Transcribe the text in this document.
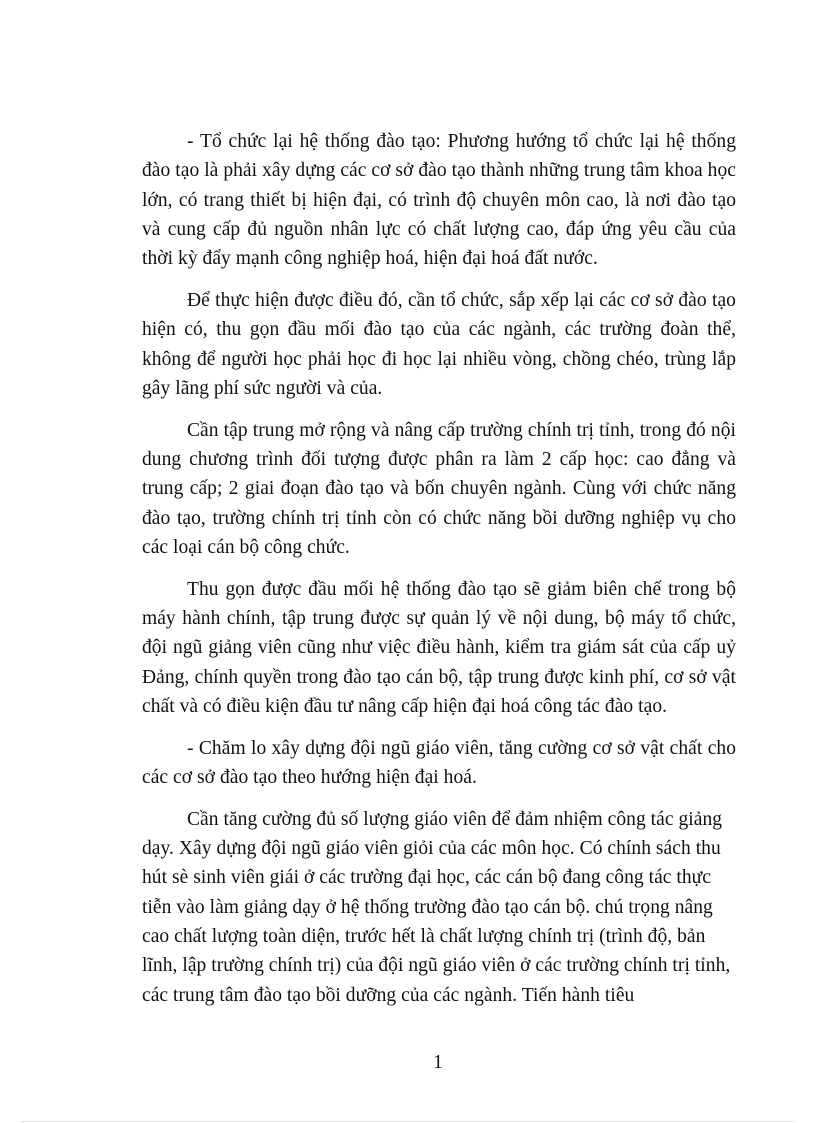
- Tổ chức lại hệ thống đào tạo: Phương hướng tổ chức lại hệ thống đào tạo là phải xây dựng các cơ sở đào tạo thành những trung tâm khoa học lớn, có trang thiết bị hiện đại, có trình độ chuyên môn cao, là nơi đào tạo và cung cấp đủ nguồn nhân lực có chất lượng cao, đáp ứng yêu cầu của thời kỳ đẩy mạnh công nghiệp hoá, hiện đại hoá đất nước.

Để thực hiện được điều đó, cần tổ chức, sắp xếp lại các cơ sở đào tạo hiện có, thu gọn đầu mối đào tạo của các ngành, các trường đoàn thể, không để người học phải học đi học lại nhiều vòng, chồng chéo, trùng lắp gây lãng phí sức người và của.

Cần tập trung mở rộng và nâng cấp trường chính trị tỉnh, trong đó nội dung chương trình đối tượng được phân ra làm 2 cấp học: cao đẳng và trung cấp; 2 giai đoạn đào tạo và bốn chuyên ngành. Cùng với chức năng đào tạo, trường chính trị tỉnh còn có chức năng bồi dưỡng nghiệp vụ cho các loại cán bộ công chức.

Thu gọn được đầu mối hệ thống đào tạo sẽ giảm biên chế trong bộ máy hành chính, tập trung được sự quản lý về nội dung, bộ máy tổ chức, đội ngũ giảng viên cũng như việc điều hành, kiểm tra giám sát của cấp uỷ Đảng, chính quyền trong đào tạo cán bộ, tập trung được kinh phí, cơ sở vật chất và có điều kiện đầu tư nâng cấp hiện đại hoá công tác đào tạo.

- Chăm lo xây dựng đội ngũ giáo viên, tăng cường cơ sở vật chất cho các cơ sở đào tạo theo hướng hiện đại hoá.

Cần tăng cường đủ số lượng giáo viên để đảm nhiệm công tác giảng dạy. Xây dựng đội ngũ giáo viên giỏi của các môn học. Có chính sách thu hút sè sinh viên giái ở các trường đại học, các cán bộ đang công tác thực tiễn vào làm giảng dạy ở hệ thống trường đào tạo cán bộ. chú trọng nâng cao chất lượng toàn diện, trước hết là chất lượng chính trị (trình độ, bản lĩnh, lập trường chính trị) của đội ngũ giáo viên ở các trường chính trị tỉnh, các trung tâm đào tạo bồi dưỡng của các ngành. Tiến hành tiêu

1
